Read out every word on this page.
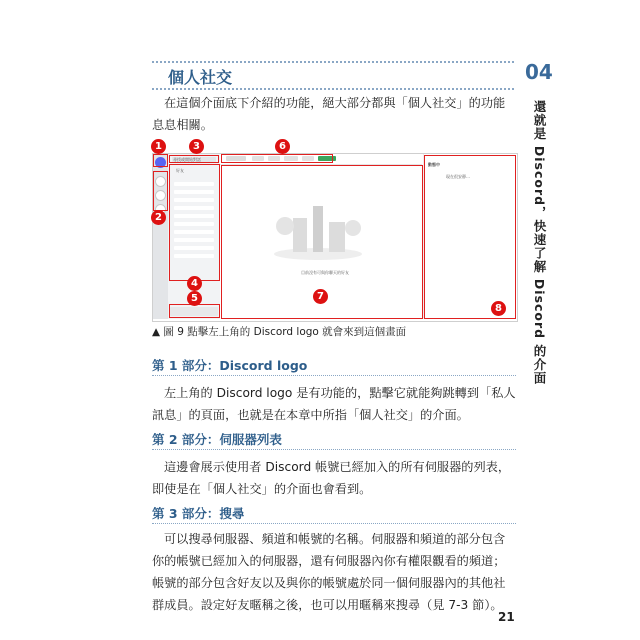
個人社交	04
還就是 Discord，快速了解 Discord 的介面
在這個介面底下介紹的功能，絕大部分都與「個人社交」的功能息息相關。
尋找或開始對話
好友
目前沒有可與你聊天的好友
動態中
現在很安靜…
1
2
3
4
5
6
7
8
▲ 圖 9 點擊左上角的 Discord logo 就會來到這個畫面
第 1 部分：Discord logo
左上角的 Discord logo 是有功能的，點擊它就能夠跳轉到「私人訊息」的頁面，也就是在本章中所指「個人社交」的介面。
第 2 部分：伺服器列表
這邊會展示使用者 Discord 帳號已經加入的所有伺服器的列表，即使是在「個人社交」的介面也會看到。
第 3 部分：搜尋
可以搜尋伺服器、頻道和帳號的名稱。伺服器和頻道的部分包含你的帳號已經加入的伺服器，還有伺服器內你有權限觀看的頻道；帳號的部分包含好友以及與你的帳號處於同一個伺服器內的其他社群成員。設定好友暱稱之後，也可以用暱稱來搜尋（見 7-3 節）。
21
